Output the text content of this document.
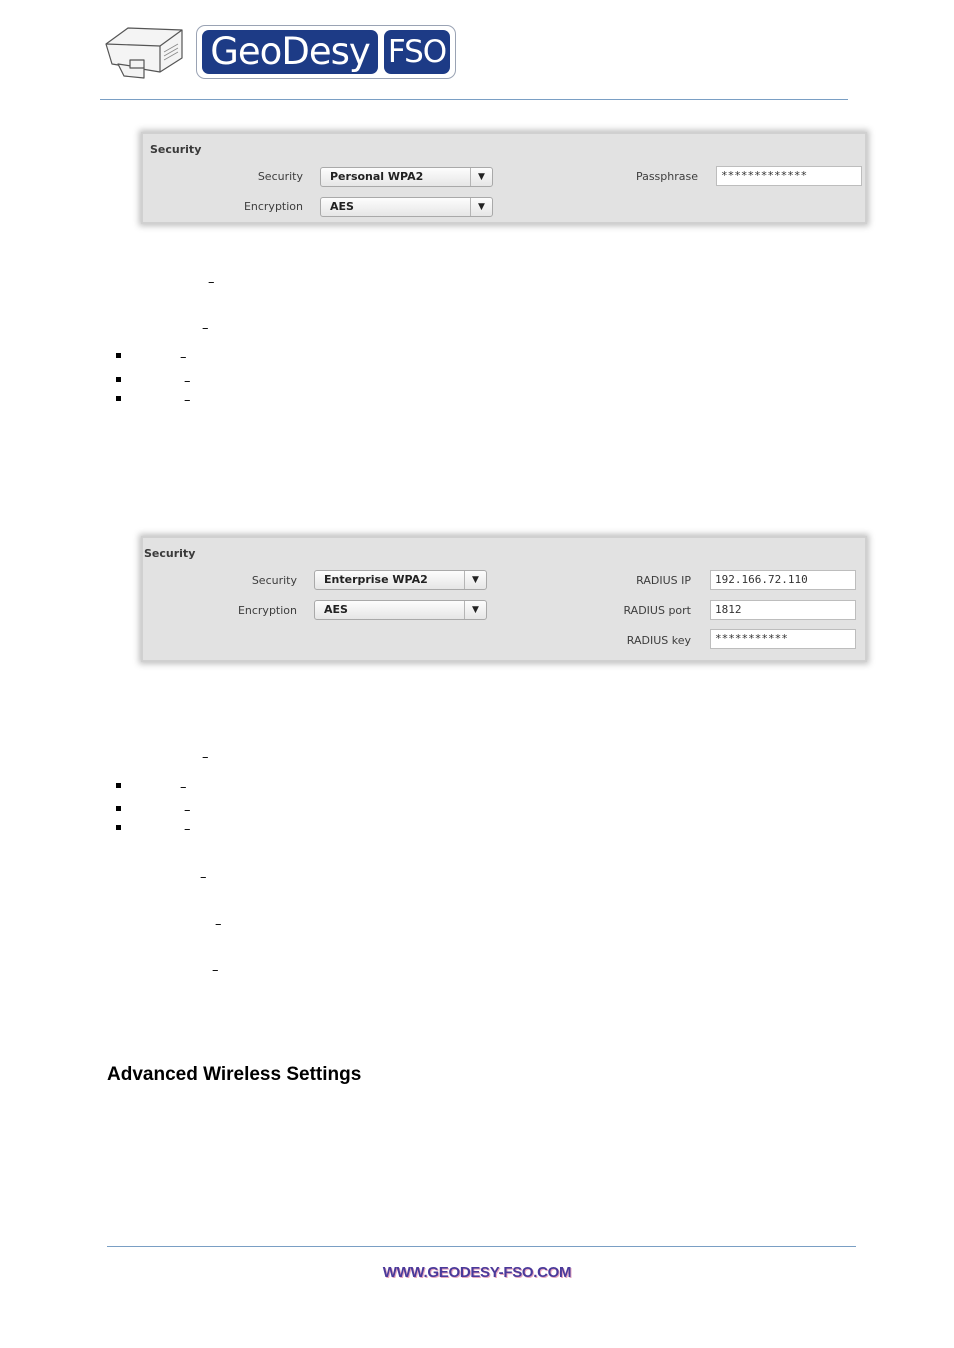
GeoDesy FSO
Security
Security	Personal WPA2	▼
Encryption	AES	▼
Passphrase	*************
–
–
–
–
–
Security
Security	Enterprise WPA2	▼
Encryption	AES	▼
RADIUS IP	192.166.72.110
RADIUS port	1812
RADIUS key	***********
–
–
–
–
–
–
–
Advanced Wireless Settings
WWW.GEODESY-FSO.COM
